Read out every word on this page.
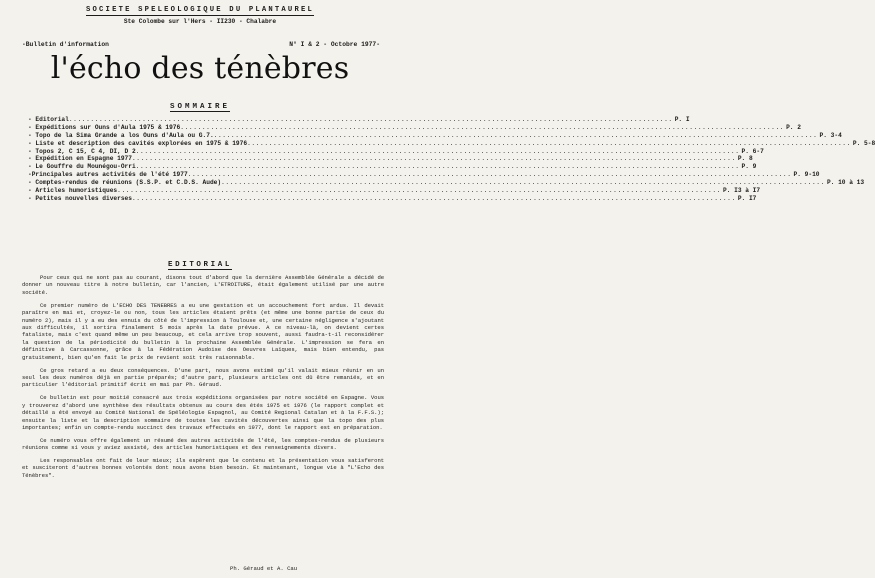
SOCIETE SPELEOLOGIQUE DU PLANTAUREL
Ste Colombe sur l'Hers - II230 - Chalabre
-Bulletin d'information	N° I & 2 - Octobre 1977-
l'écho des ténèbres
SOMMAIRE
- Editorial ............................................................................................................................................ P. I
- Expéditions sur Ouns d'Aula 1975 & 1976 ............................................................................................................................................ P. 2
- Topo de la Sima Grande a los Ouns d'Aula ou G.7. ............................................................................................................................................ P. 3-4
- Liste et description des cavités explorées en 1975 & 1976 ............................................................................................................................................ P. 5-8
- Topos 2, C 15, C 4, DI, D 2 ............................................................................................................................................ P. 6-7
- Expédition en Espagne 1977 ............................................................................................................................................ P. 8
- Le Gouffre du Mounégou-Orri ............................................................................................................................................ P. 9
-Principales autres activités de l'été 1977 ............................................................................................................................................ P. 9-10
- Comptes-rendus de réunions (S.S.P. et C.D.S. Aude) ............................................................................................................................................ P. 10 à 13
- Articles humoristiques ............................................................................................................................................ P. I3 à I7
- Petites nouvelles diverses ............................................................................................................................................ P. I7
EDITORIAL

Pour ceux qui ne sont pas au courant, disons tout d'abord que la dernière Assemblée Générale a décidé de donner un nouveau titre à notre bulletin, car l'ancien, L'ETROITURE, était également utilisé par une autre société.

Ce premier numéro de L'ECHO DES TENEBRES a eu une gestation et un accouchement fort ardus. Il devait paraître en mai et, croyez-le ou non, tous les articles étaient prêts (et même une bonne partie de ceux du numéro 2), mais il y a eu des ennuis du côté de l'impression à Toulouse et, une certaine négligence s'ajoutant aux difficultés, il sortira finalement 5 mois après la date prévue. A ce niveau-là, on devient certes fataliste, mais c'est quand même un peu beaucoup, et cela arrive trop souvent, aussi faudra-t-il reconsidérer la question de la périodicité du bulletin à la prochaine Assemblée Générale. L'impression se fera en définitive à Carcassonne, grâce à la Fédération Audoise des Oeuvres Laïques, mais bien entendu, pas gratuitement, bien qu'en fait le prix de revient soit très raisonnable.

Ce gros retard a eu deux conséquences. D'une part, nous avons estimé qu'il valait mieux réunir en un seul les deux numéros déjà en partie préparés; d'autre part, plusieurs articles ont dû être remaniés, et en particulier l'éditorial primitif écrit en mai par Ph. Géraud.

Ce bulletin est pour moitié consacré aux trois expéditions organisées par notre société en Espagne. Vous y trouverez d'abord une synthèse des résultats obtenus au cours des étés 1975 et 1976 (le rapport complet et détaillé a été envoyé au Comité National de Spéléologie Espagnol, au Comité Regional Catalan et à la F.F.S.); ensuite la liste et la description sommaire de toutes les cavités découvertes ainsi que la topo des plus importantes; enfin un compte-rendu succinct des travaux effectués en 1977, dont le rapport est en préparation.

Ce numéro vous offre également un résumé des autres activités de l'été, les comptes-rendus de plusieurs réunions comme si vous y aviez assisté, des articles humoristiques et des renseignements divers.

Les responsables ont fait de leur mieux; ils espèrent que le contenu et la présentation vous satisferont et susciteront d'autres bonnes volontés dont nous avons bien besoin. Et maintenant, longue vie à "L'Echo des Ténèbres".

Ph. Géraud et A. Cau
